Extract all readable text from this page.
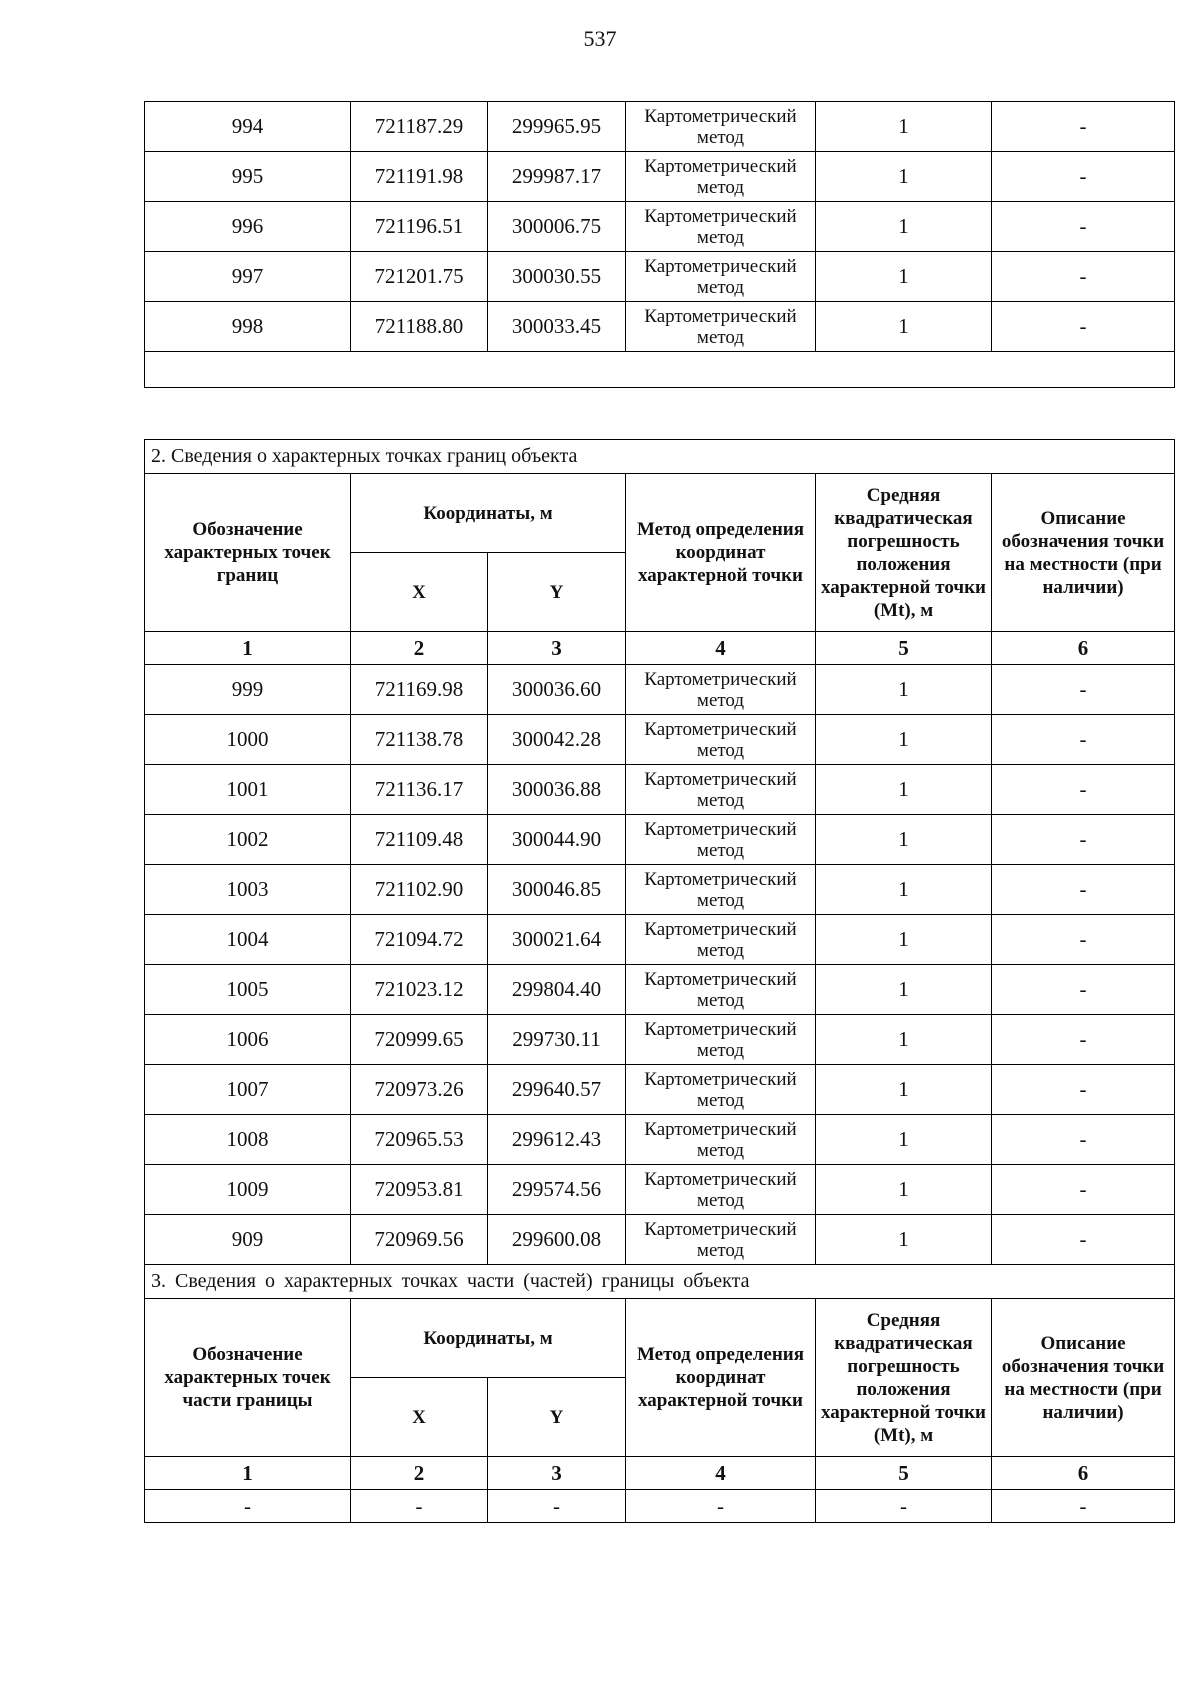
537
994	721187.29	299965.95	Картометрический метод	1	-
995	721191.98	299987.17	Картометрический метод	1	-
996	721196.51	300006.75	Картометрический метод	1	-
997	721201.75	300030.55	Картометрический метод	1	-
998	721188.80	300033.45	Картометрический метод	1	-

2. Сведения о характерных точках границ объекта					
Обозначение характерных точек границ	Координаты, м		Метод определения координат характерной точки	Средняя квадратическая погрешность положения характерной точки (Mt), м	Описание обозначения точки на местности (при наличии)
	X	Y			
1	2	3	4	5	6
999	721169.98	300036.60	Картометрический метод	1	-
1000	721138.78	300042.28	Картометрический метод	1	-
1001	721136.17	300036.88	Картометрический метод	1	-
1002	721109.48	300044.90	Картометрический метод	1	-
1003	721102.90	300046.85	Картометрический метод	1	-
1004	721094.72	300021.64	Картометрический метод	1	-
1005	721023.12	299804.40	Картометрический метод	1	-
1006	720999.65	299730.11	Картометрический метод	1	-
1007	720973.26	299640.57	Картометрический метод	1	-
1008	720965.53	299612.43	Картометрический метод	1	-
1009	720953.81	299574.56	Картометрический метод	1	-
909	720969.56	299600.08	Картометрический метод	1	-
3. Сведения о характерных точках части (частей) границы объекта					
Обозначение характерных точек части границы	Координаты, м		Метод определения координат характерной точки	Средняя квадратическая погрешность положения характерной точки (Mt), м	Описание обозначения точки на местности (при наличии)
	X	Y			
1	2	3	4	5	6
-	-	-	-	-	-
